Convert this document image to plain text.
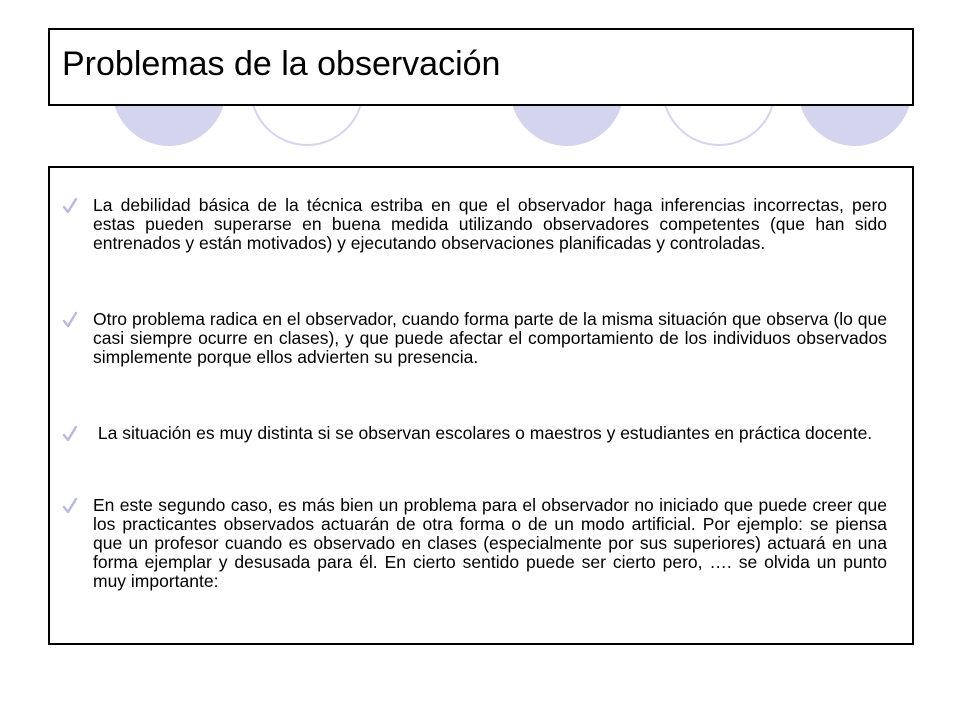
Problemas de la observación

La debilidad básica de la técnica estriba en que el observador haga inferencias incorrectas, pero estas pueden superarse en buena medida utilizando observadores competentes (que han sido entrenados y están motivados) y ejecutando observaciones planificadas y controladas.

Otro problema radica en el observador, cuando forma parte de la misma situación que observa (lo que casi siempre ocurre en clases), y que puede afectar el comportamiento de los individuos observados simplemente porque ellos advierten su presencia.

La situación es muy distinta si se observan escolares o maestros y estudiantes en práctica docente.

En este segundo caso, es más bien un problema para el observador no iniciado que puede creer que los practicantes observados actuarán de otra forma o de un modo artificial. Por ejemplo: se piensa que un profesor cuando es observado en clases (especialmente por sus superiores) actuará en una forma ejemplar y desusada para él. En cierto sentido puede ser cierto pero, …. se olvida un punto muy importante:
